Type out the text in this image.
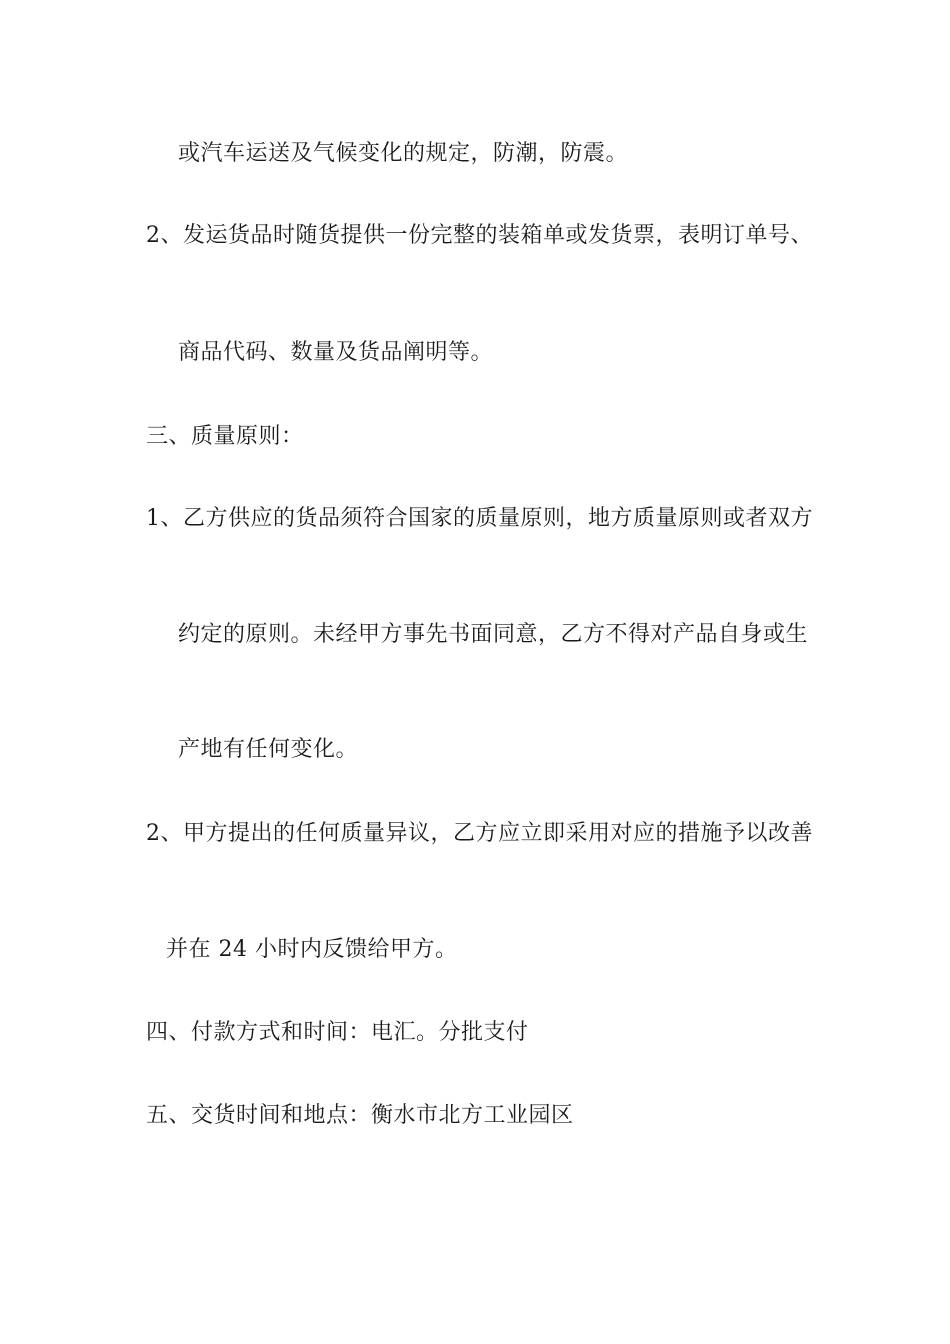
或汽车运送及气候变化的规定，防潮，防震。
2、发运货品时随货提供一份完整的装箱单或发货票，表明订单号、
商品代码、数量及货品阐明等。
三、质量原则：
1、乙方供应的货品须符合国家的质量原则，地方质量原则或者双方
约定的原则。未经甲方事先书面同意，乙方不得对产品自身或生
产地有任何变化。
2、甲方提出的任何质量异议，乙方应立即采用对应的措施予以改善
并在 24 小时内反馈给甲方。
四、付款方式和时间：电汇。分批支付
五、交货时间和地点：衡水市北方工业园区
